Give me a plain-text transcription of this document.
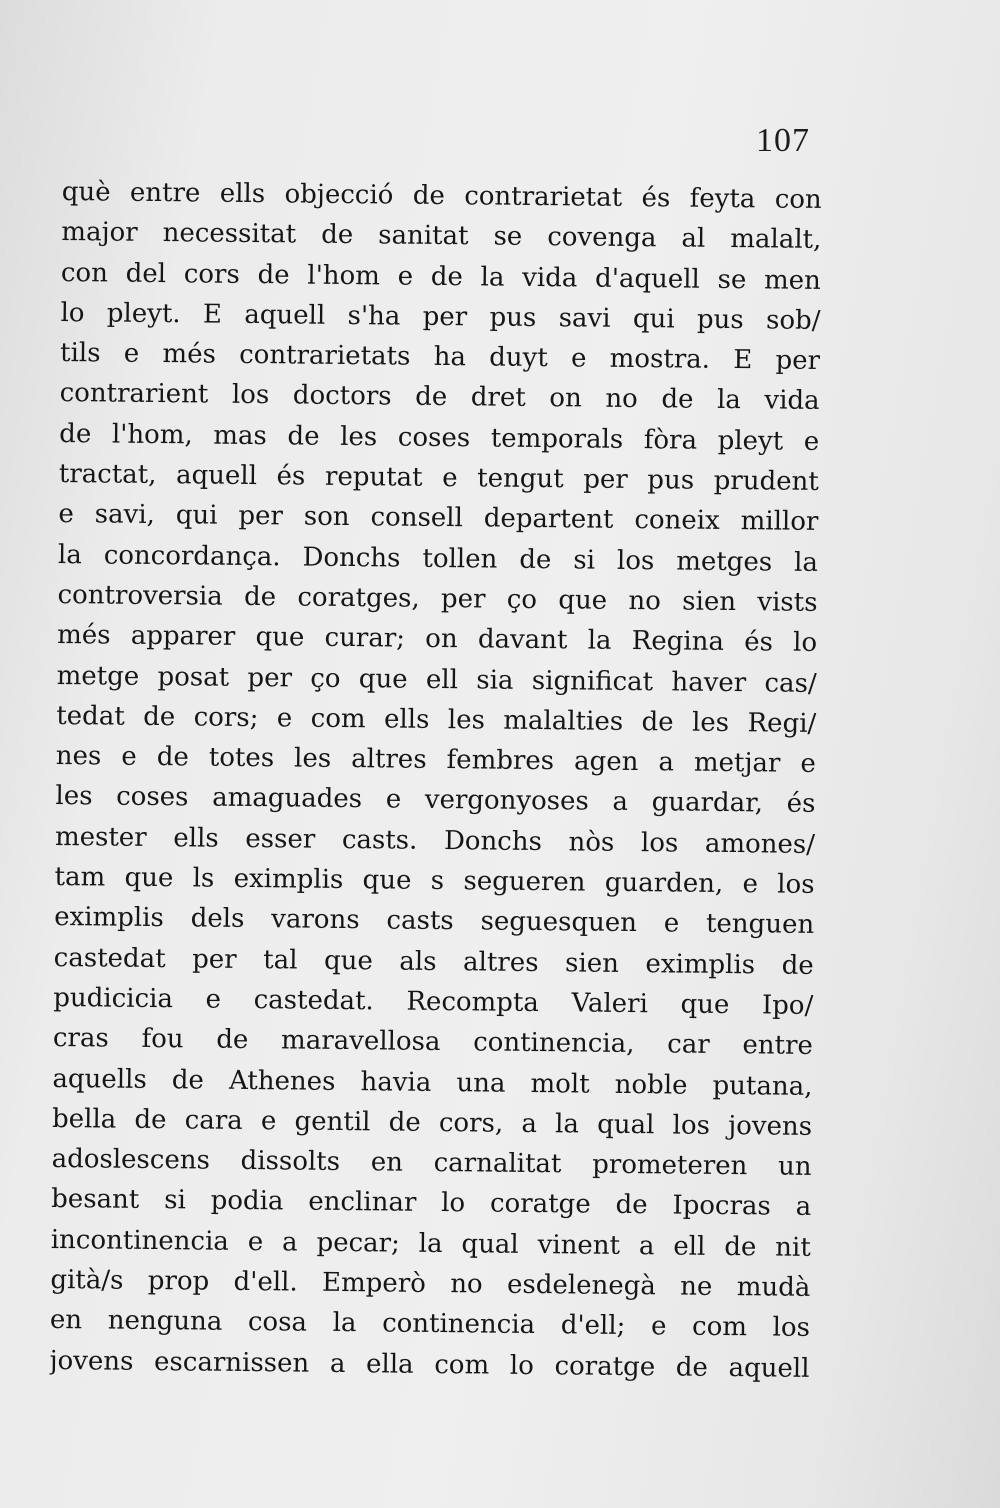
107
què entre ells objecció de contrarietat és feyta con
major necessitat de sanitat se covenga al malalt,
con del cors de l'hom e de la vida d'aquell se men
lo pleyt. E aquell s'ha per pus savi qui pus sob/
tils e més contrarietats ha duyt e mostra. E per
contrarient los doctors de dret on no de la vida
de l'hom, mas de les coses temporals fòra pleyt e
tractat, aquell és reputat e tengut per pus prudent
e savi, qui per son consell departent coneix millor
la concordança. Donchs tollen de si los metges la
controversia de coratges, per ço que no sien vists
més apparer que curar; on davant la Regina és lo
metge posat per ço que ell sia significat haver cas/
tedat de cors; e com ells les malalties de les Regi/
nes e de totes les altres fembres agen a metjar e
les coses amaguades e vergonyoses a guardar, és
mester ells esser casts. Donchs nòs los amones/
tam que ls eximplis que s segueren guarden, e los
eximplis dels varons casts seguesquen e tenguen
castedat per tal que als altres sien eximplis de
pudicicia e castedat. Recompta Valeri que Ipo/
cras fou de maravellosa continencia, car entre
aquells de Athenes havia una molt noble putana,
bella de cara e gentil de cors, a la qual los jovens
adoslescens dissolts en carnalitat prometeren un
besant si podia enclinar lo coratge de Ipocras a
incontinencia e a pecar; la qual vinent a ell de nit
gità/s prop d'ell. Emperò no esdelenegà ne mudà
en nenguna cosa la continencia d'ell; e com los
jovens escarnissen a ella com lo coratge de aquell
